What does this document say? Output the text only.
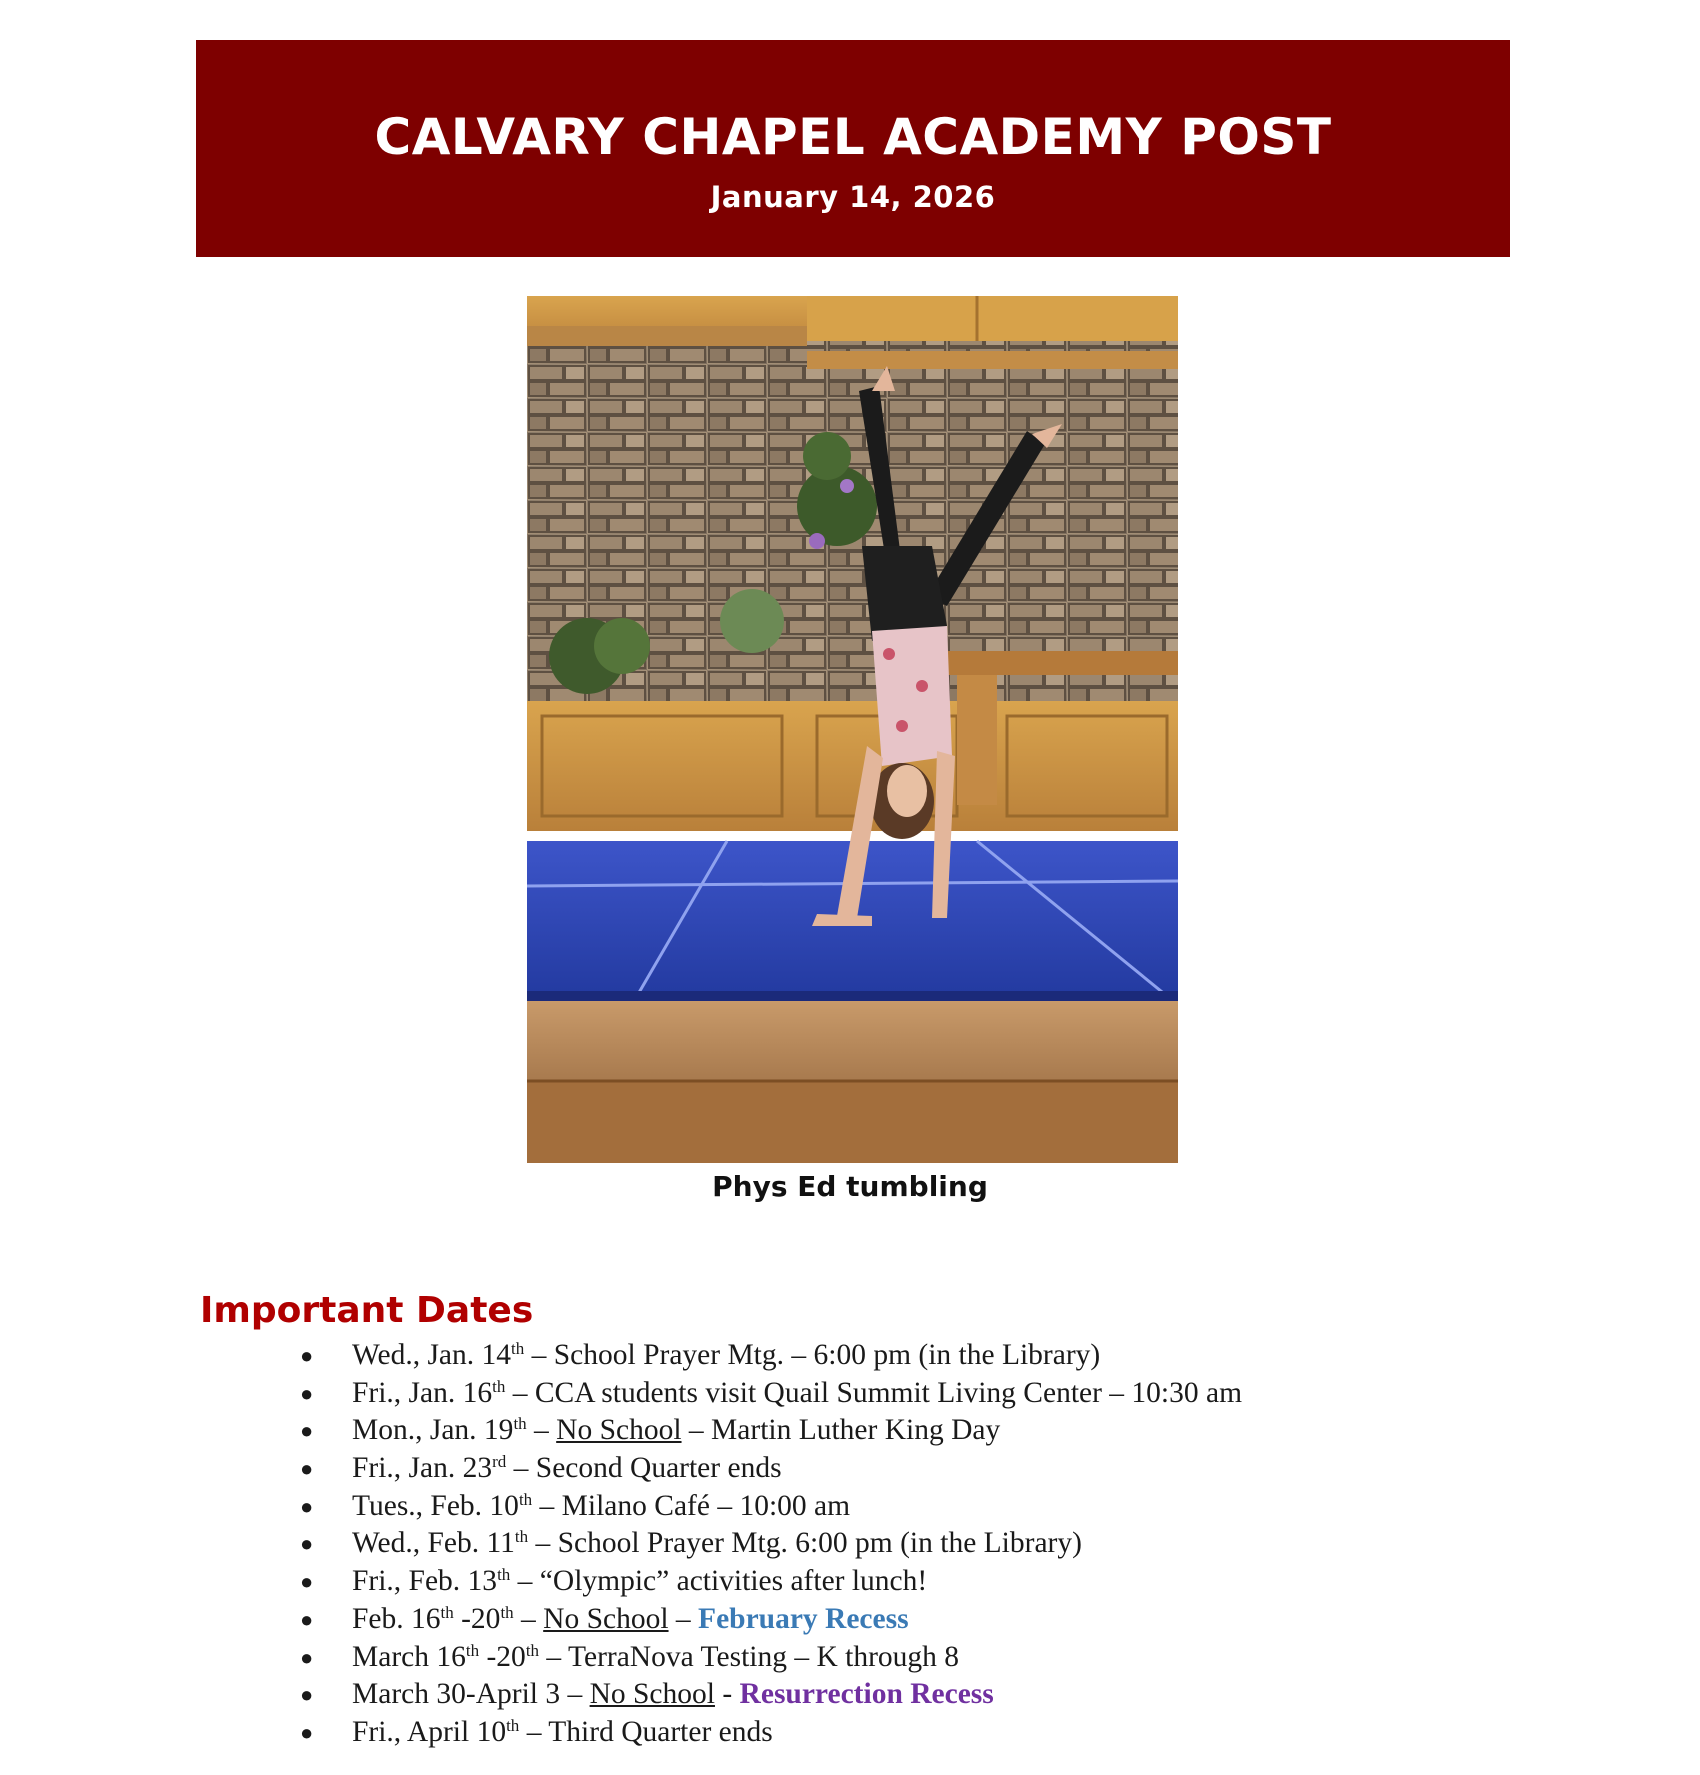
CALVARY CHAPEL ACADEMY POST
January 14, 2026
Phys Ed tumbling
Important Dates
● Wed., Jan. 14th – School Prayer Mtg. – 6:00 pm (in the Library)
● Fri., Jan. 16th – CCA students visit Quail Summit Living Center – 10:30 am
● Mon., Jan. 19th – No School – Martin Luther King Day
● Fri., Jan. 23rd – Second Quarter ends
● Tues., Feb. 10th – Milano Café – 10:00 am
● Wed., Feb. 11th – School Prayer Mtg. 6:00 pm (in the Library)
● Fri., Feb. 13th – “Olympic” activities after lunch!
● Feb. 16th -20th – No School – February Recess
● March 16th -20th – TerraNova Testing – K through 8
● March 30-April 3 – No School - Resurrection Recess
● Fri., April 10th – Third Quarter ends
